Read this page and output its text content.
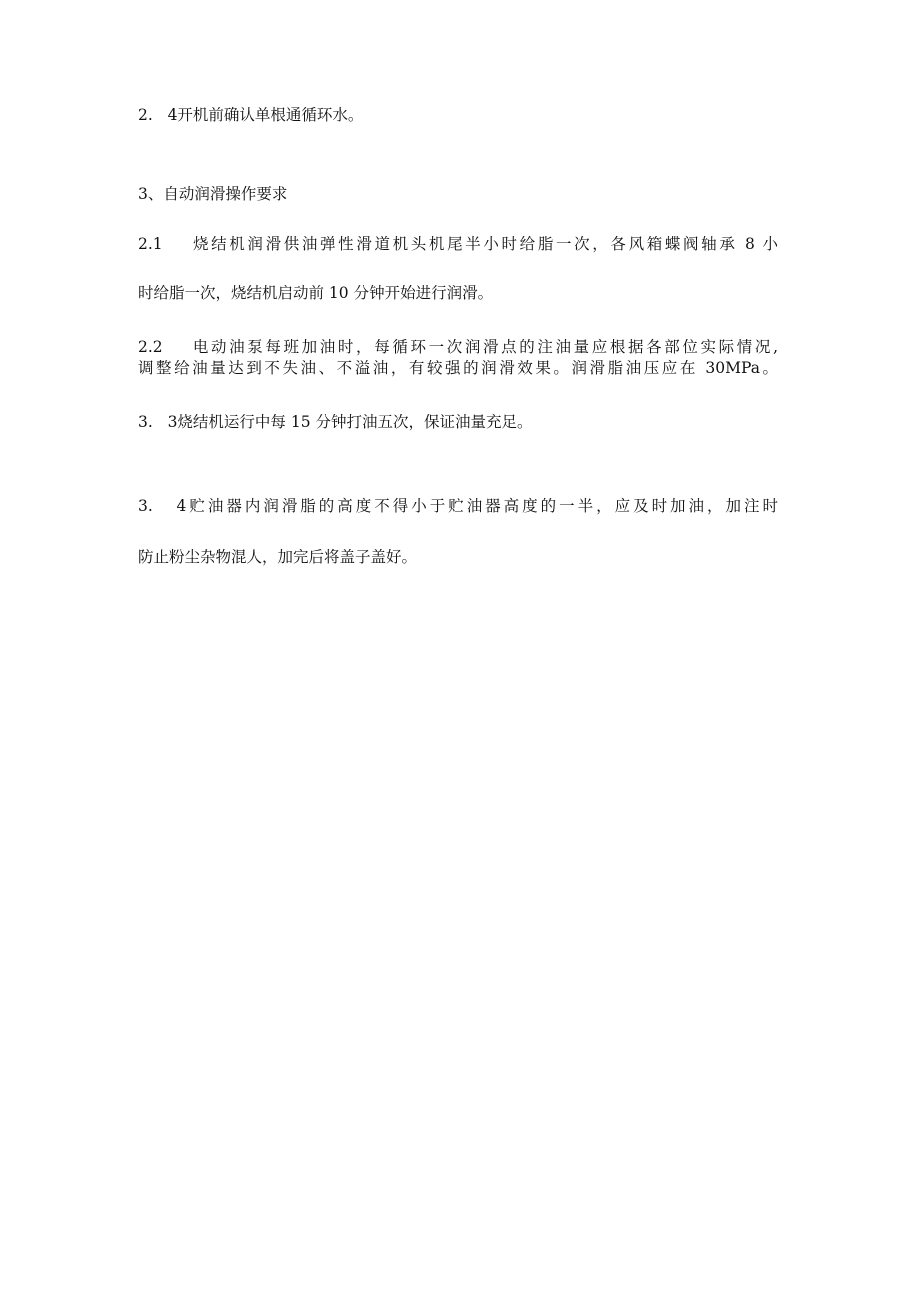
2.   4开机前确认单根通循环水。

3、自动润滑操作要求

2.1    烧结机润滑供油弹性滑道机头机尾半小时给脂一次，各风箱蝶阀轴承 8 小

时给脂一次，烧结机启动前 10 分钟开始进行润滑。

2.2    电动油泵每班加油时，每循环一次润滑点的注油量应根据各部位实际情况,

调整给油量达到不失油、不溢油，有较强的润滑效果。润滑脂油压应在 30MPa。

3.   3烧结机运行中每 15 分钟打油五次，保证油量充足。

3.   4贮油器内润滑脂的高度不得小于贮油器高度的一半，应及时加油，加注时

防止粉尘杂物混人，加完后将盖子盖好。
